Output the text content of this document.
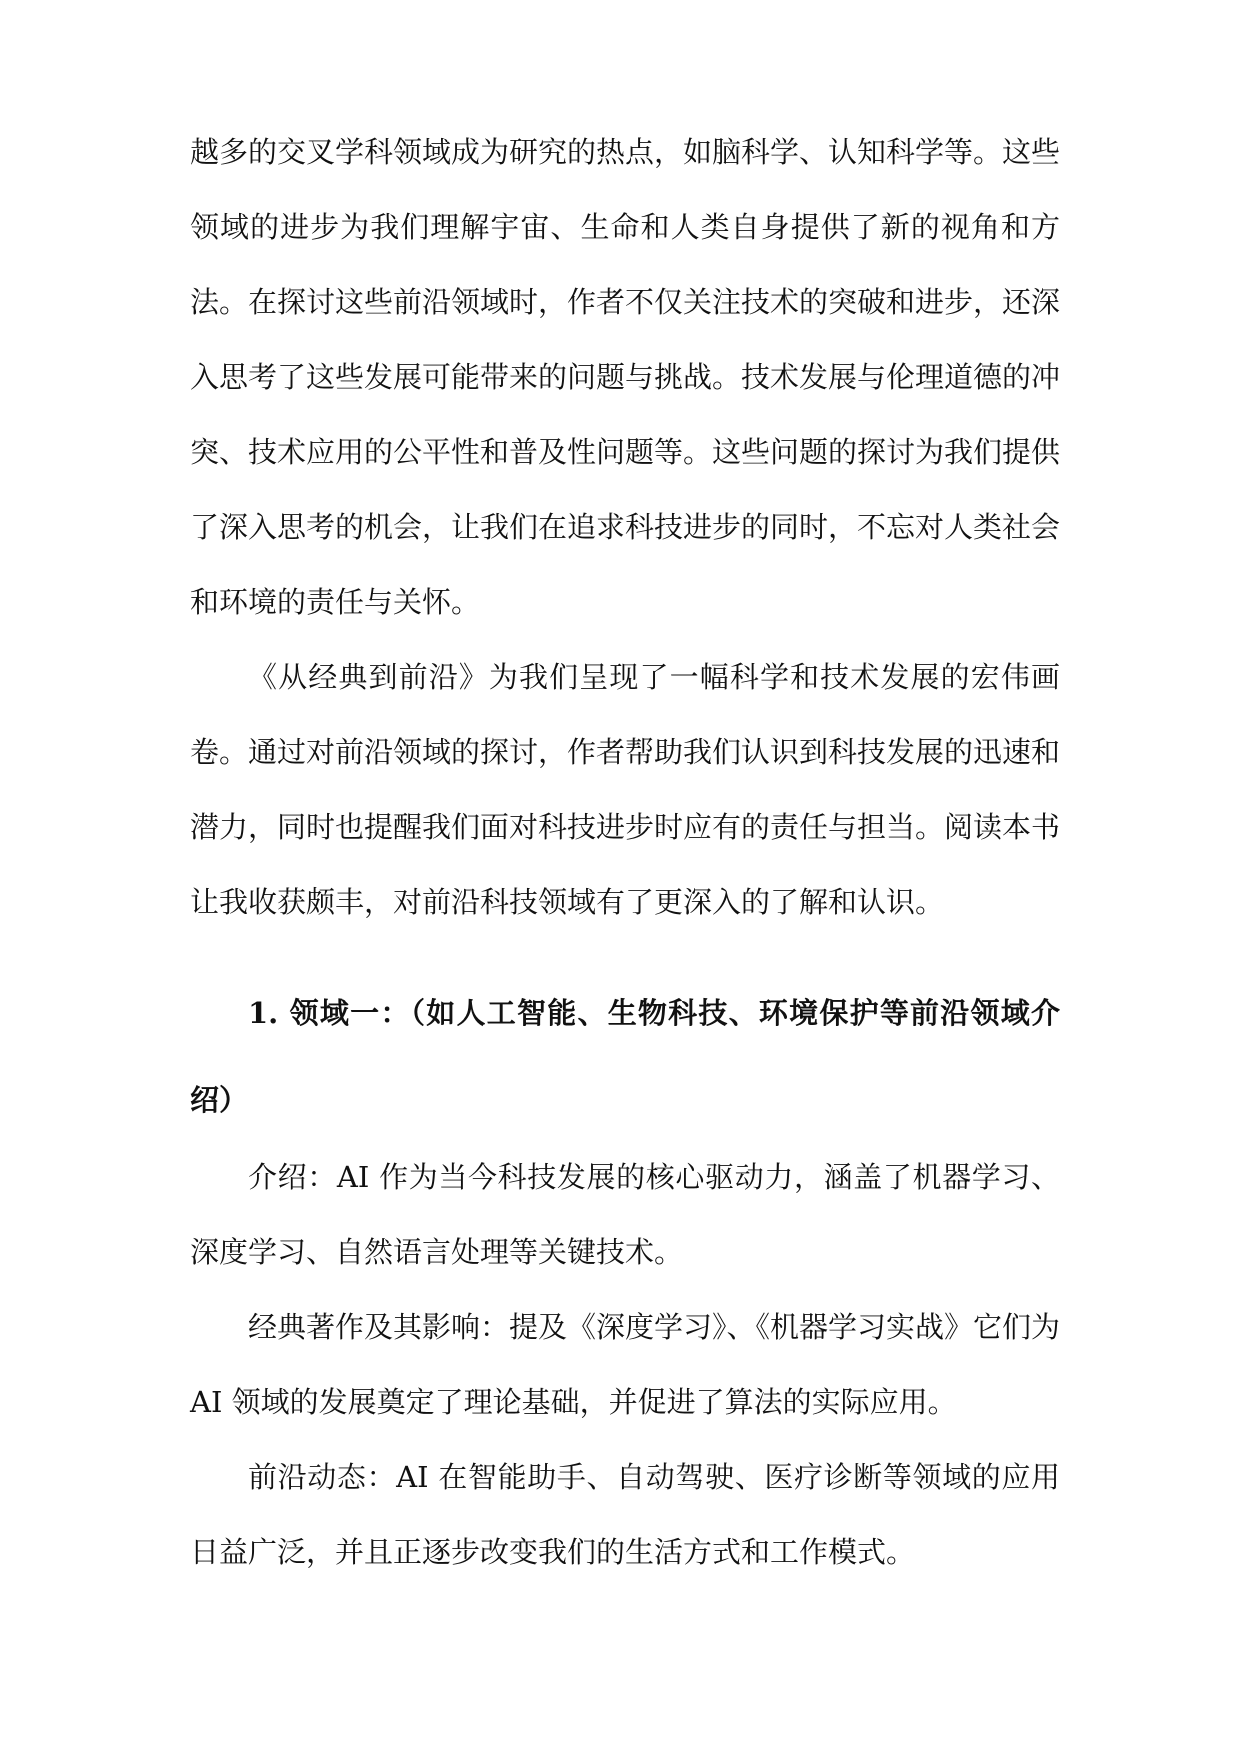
越多的交叉学科领域成为研究的热点，如脑科学、认知科学等。这些领域的进步为我们理解宇宙、生命和人类自身提供了新的视角和方法。 在探讨这些前沿领域时，作者不仅关注技术的突破和进步，还深入思考了这些发展可能带来的问题与挑战。技术发展与伦理道德的冲突、技术应用的公平性和普及性问题等。这些问题的探讨为我们提供了深入思考的机会，让我们在追求科技进步的同时，不忘对人类社会和环境的责任与关怀。

《从经典到前沿》为我们呈现了一幅科学和技术发展的宏伟画卷。通过对前沿领域的探讨，作者帮助我们认识到科技发展的迅速和潜力，同时也提醒我们面对科技进步时应有的责任与担当。阅读本书让我收获颇丰，对前沿科技领域有了更深入的了解和认识。

1. 领域一：（如人工智能、生物科技、环境保护等前沿领域介绍）

介绍：AI 作为当今科技发展的核心驱动力，涵盖了机器学习、深度学习、自然语言处理等关键技术。

经典著作及其影响：提及《深度学习》、《机器学习实战》它们为AI 领域的发展奠定了理论基础，并促进了算法的实际应用。

前沿动态：AI 在智能助手、自动驾驶、医疗诊断等领域的应用日益广泛，并且正逐步改变我们的生活方式和工作模式。
